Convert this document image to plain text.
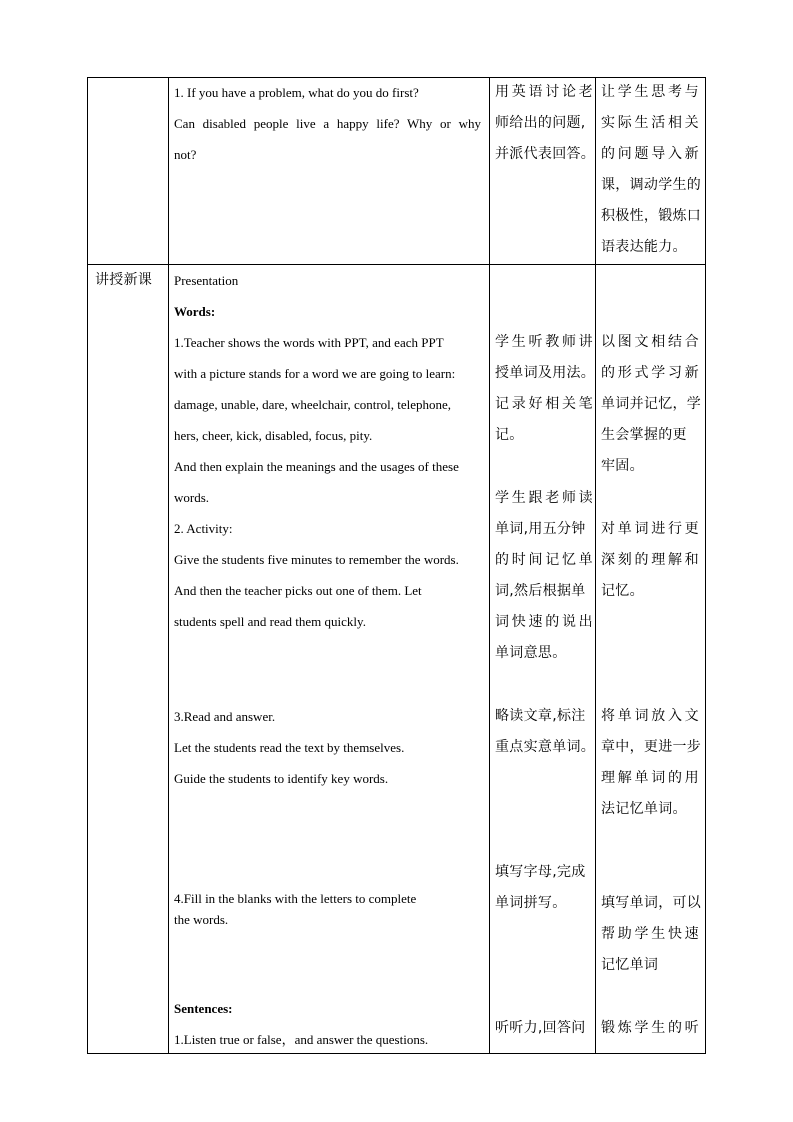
1. If you have a problem, what do you do first?
Can disabled people live a happy life? Why or why
not?
用英语讨论老
师给出的问题,
并派代表回答。
让学生思考与
实际生活相关
的问题导入新
课，调动学生的
积极性，锻炼口
语表达能力。
讲授新课 Presentation
Words:
1.Teacher shows the words with PPT, and each PPT
with a picture stands for a word we are going to learn:
damage, unable, dare, wheelchair, control, telephone,
hers, cheer, kick, disabled, focus, pity.
And then explain the meanings and the usages of these
words.
2. Activity:
Give the students five minutes to remember the words.
And then the teacher picks out one of them. Let
students spell and read them quickly.
3.Read and answer.
Let the students read the text by themselves.
Guide the students to identify key words.
4.Fill in the blanks with the letters to complete
the words.
Sentences:
1.Listen true or false，and answer the questions.
学生听教师讲
授单词及用法。
记录好相关笔
记。
学生跟老师读
单词,用五分钟
的时间记忆单
词,然后根据单
词快速的说出
单词意思。
略读文章,标注
重点实意单词。
填写字母,完成
单词拼写。
听听力,回答问
以图文相结合
的形式学习新
单词并记忆，学
生会掌握的更
牢固。
对单词进行更
深刻的理解和
记忆。
将单词放入文
章中，更进一步
理解单词的用
法记忆单词。
填写单词，可以
帮助学生快速
记忆单词
锻炼学生的听
